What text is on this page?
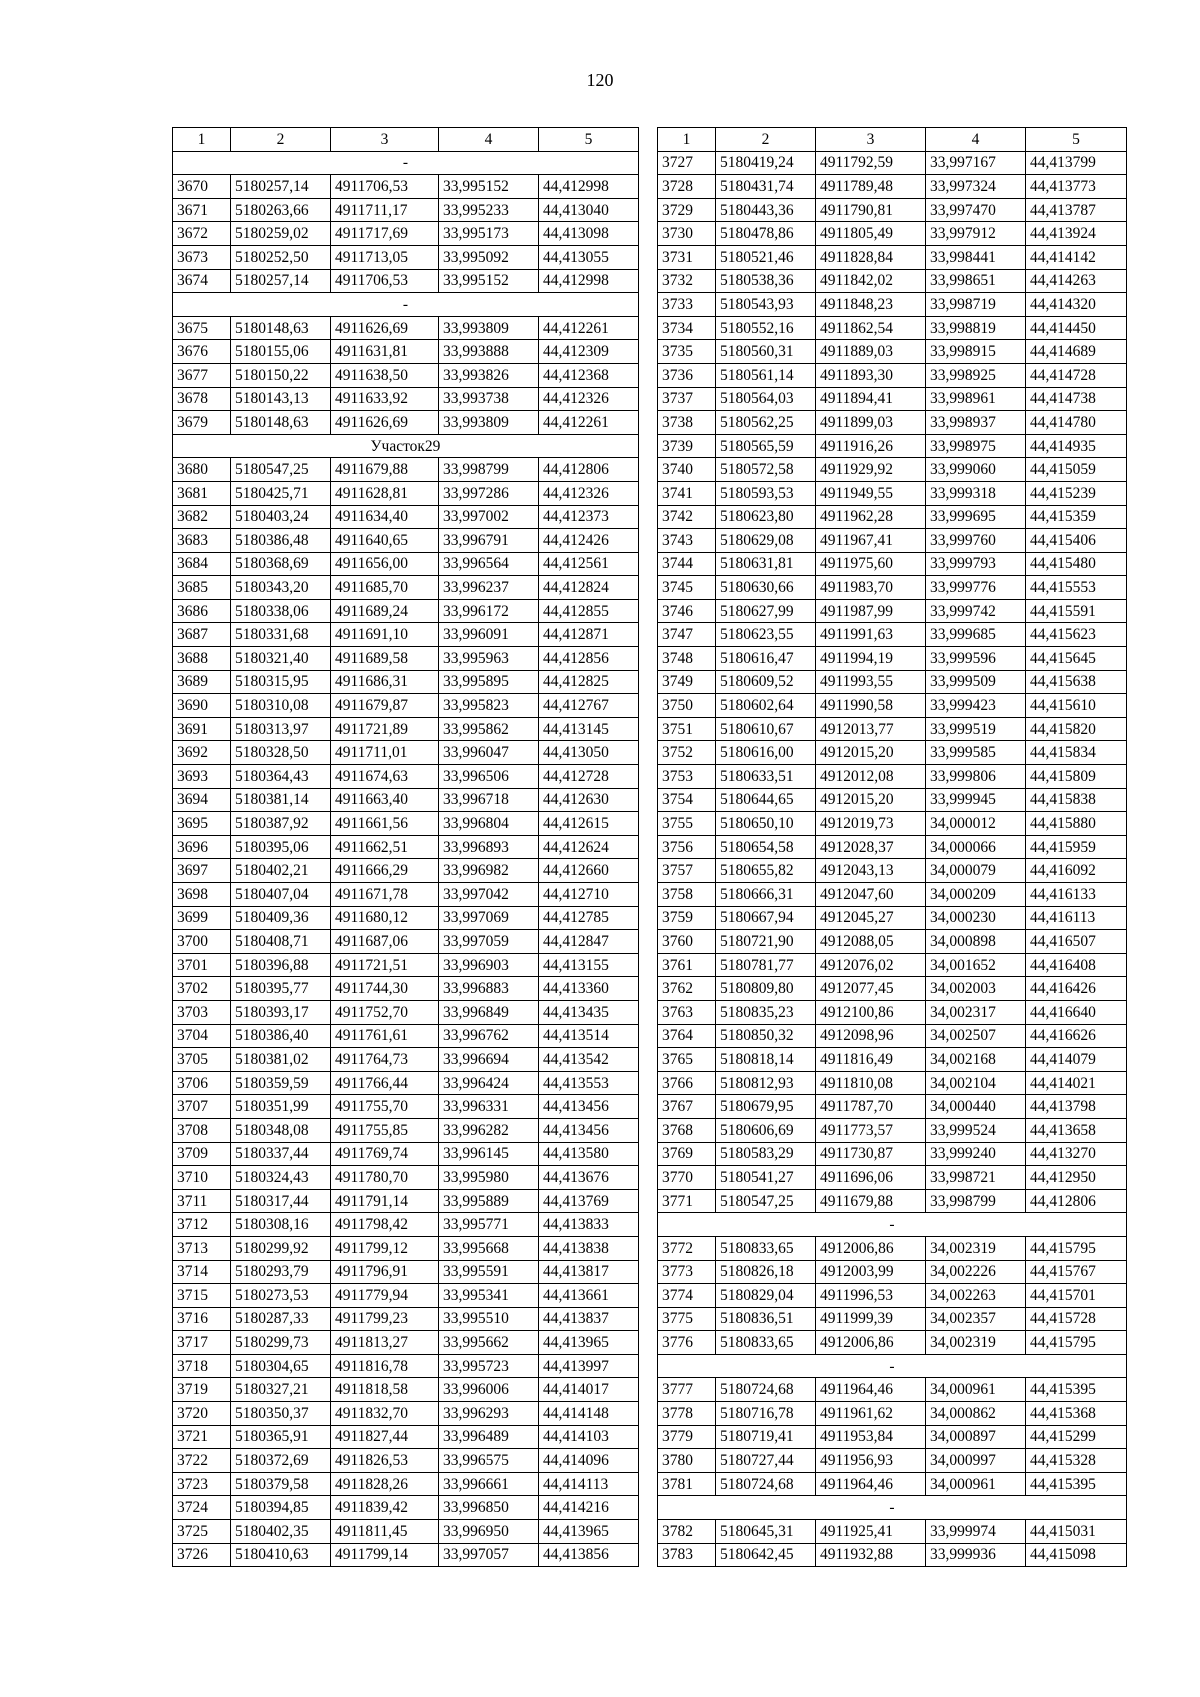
120
1	2	3	4	5
-				
3670	5180257,14	4911706,53	33,995152	44,412998
3671	5180263,66	4911711,17	33,995233	44,413040
3672	5180259,02	4911717,69	33,995173	44,413098
3673	5180252,50	4911713,05	33,995092	44,413055
3674	5180257,14	4911706,53	33,995152	44,412998
-				
3675	5180148,63	4911626,69	33,993809	44,412261
3676	5180155,06	4911631,81	33,993888	44,412309
3677	5180150,22	4911638,50	33,993826	44,412368
3678	5180143,13	4911633,92	33,993738	44,412326
3679	5180148,63	4911626,69	33,993809	44,412261
Участок29				
3680	5180547,25	4911679,88	33,998799	44,412806
3681	5180425,71	4911628,81	33,997286	44,412326
3682	5180403,24	4911634,40	33,997002	44,412373
3683	5180386,48	4911640,65	33,996791	44,412426
3684	5180368,69	4911656,00	33,996564	44,412561
3685	5180343,20	4911685,70	33,996237	44,412824
3686	5180338,06	4911689,24	33,996172	44,412855
3687	5180331,68	4911691,10	33,996091	44,412871
3688	5180321,40	4911689,58	33,995963	44,412856
3689	5180315,95	4911686,31	33,995895	44,412825
3690	5180310,08	4911679,87	33,995823	44,412767
3691	5180313,97	4911721,89	33,995862	44,413145
3692	5180328,50	4911711,01	33,996047	44,413050
3693	5180364,43	4911674,63	33,996506	44,412728
3694	5180381,14	4911663,40	33,996718	44,412630
3695	5180387,92	4911661,56	33,996804	44,412615
3696	5180395,06	4911662,51	33,996893	44,412624
3697	5180402,21	4911666,29	33,996982	44,412660
3698	5180407,04	4911671,78	33,997042	44,412710
3699	5180409,36	4911680,12	33,997069	44,412785
3700	5180408,71	4911687,06	33,997059	44,412847
3701	5180396,88	4911721,51	33,996903	44,413155
3702	5180395,77	4911744,30	33,996883	44,413360
3703	5180393,17	4911752,70	33,996849	44,413435
3704	5180386,40	4911761,61	33,996762	44,413514
3705	5180381,02	4911764,73	33,996694	44,413542
3706	5180359,59	4911766,44	33,996424	44,413553
3707	5180351,99	4911755,70	33,996331	44,413456
3708	5180348,08	4911755,85	33,996282	44,413456
3709	5180337,44	4911769,74	33,996145	44,413580
3710	5180324,43	4911780,70	33,995980	44,413676
3711	5180317,44	4911791,14	33,995889	44,413769
3712	5180308,16	4911798,42	33,995771	44,413833
3713	5180299,92	4911799,12	33,995668	44,413838
3714	5180293,79	4911796,91	33,995591	44,413817
3715	5180273,53	4911779,94	33,995341	44,413661
3716	5180287,33	4911799,23	33,995510	44,413837
3717	5180299,73	4911813,27	33,995662	44,413965
3718	5180304,65	4911816,78	33,995723	44,413997
3719	5180327,21	4911818,58	33,996006	44,414017
3720	5180350,37	4911832,70	33,996293	44,414148
3721	5180365,91	4911827,44	33,996489	44,414103
3722	5180372,69	4911826,53	33,996575	44,414096
3723	5180379,58	4911828,26	33,996661	44,414113
3724	5180394,85	4911839,42	33,996850	44,414216
3725	5180402,35	4911811,45	33,996950	44,413965
3726	5180410,63	4911799,14	33,997057	44,413856
1	2	3	4	5
3727	5180419,24	4911792,59	33,997167	44,413799
3728	5180431,74	4911789,48	33,997324	44,413773
3729	5180443,36	4911790,81	33,997470	44,413787
3730	5180478,86	4911805,49	33,997912	44,413924
3731	5180521,46	4911828,84	33,998441	44,414142
3732	5180538,36	4911842,02	33,998651	44,414263
3733	5180543,93	4911848,23	33,998719	44,414320
3734	5180552,16	4911862,54	33,998819	44,414450
3735	5180560,31	4911889,03	33,998915	44,414689
3736	5180561,14	4911893,30	33,998925	44,414728
3737	5180564,03	4911894,41	33,998961	44,414738
3738	5180562,25	4911899,03	33,998937	44,414780
3739	5180565,59	4911916,26	33,998975	44,414935
3740	5180572,58	4911929,92	33,999060	44,415059
3741	5180593,53	4911949,55	33,999318	44,415239
3742	5180623,80	4911962,28	33,999695	44,415359
3743	5180629,08	4911967,41	33,999760	44,415406
3744	5180631,81	4911975,60	33,999793	44,415480
3745	5180630,66	4911983,70	33,999776	44,415553
3746	5180627,99	4911987,99	33,999742	44,415591
3747	5180623,55	4911991,63	33,999685	44,415623
3748	5180616,47	4911994,19	33,999596	44,415645
3749	5180609,52	4911993,55	33,999509	44,415638
3750	5180602,64	4911990,58	33,999423	44,415610
3751	5180610,67	4912013,77	33,999519	44,415820
3752	5180616,00	4912015,20	33,999585	44,415834
3753	5180633,51	4912012,08	33,999806	44,415809
3754	5180644,65	4912015,20	33,999945	44,415838
3755	5180650,10	4912019,73	34,000012	44,415880
3756	5180654,58	4912028,37	34,000066	44,415959
3757	5180655,82	4912043,13	34,000079	44,416092
3758	5180666,31	4912047,60	34,000209	44,416133
3759	5180667,94	4912045,27	34,000230	44,416113
3760	5180721,90	4912088,05	34,000898	44,416507
3761	5180781,77	4912076,02	34,001652	44,416408
3762	5180809,80	4912077,45	34,002003	44,416426
3763	5180835,23	4912100,86	34,002317	44,416640
3764	5180850,32	4912098,96	34,002507	44,416626
3765	5180818,14	4911816,49	34,002168	44,414079
3766	5180812,93	4911810,08	34,002104	44,414021
3767	5180679,95	4911787,70	34,000440	44,413798
3768	5180606,69	4911773,57	33,999524	44,413658
3769	5180583,29	4911730,87	33,999240	44,413270
3770	5180541,27	4911696,06	33,998721	44,412950
3771	5180547,25	4911679,88	33,998799	44,412806
-				
3772	5180833,65	4912006,86	34,002319	44,415795
3773	5180826,18	4912003,99	34,002226	44,415767
3774	5180829,04	4911996,53	34,002263	44,415701
3775	5180836,51	4911999,39	34,002357	44,415728
3776	5180833,65	4912006,86	34,002319	44,415795
-				
3777	5180724,68	4911964,46	34,000961	44,415395
3778	5180716,78	4911961,62	34,000862	44,415368
3779	5180719,41	4911953,84	34,000897	44,415299
3780	5180727,44	4911956,93	34,000997	44,415328
3781	5180724,68	4911964,46	34,000961	44,415395
-				
3782	5180645,31	4911925,41	33,999974	44,415031
3783	5180642,45	4911932,88	33,999936	44,415098
